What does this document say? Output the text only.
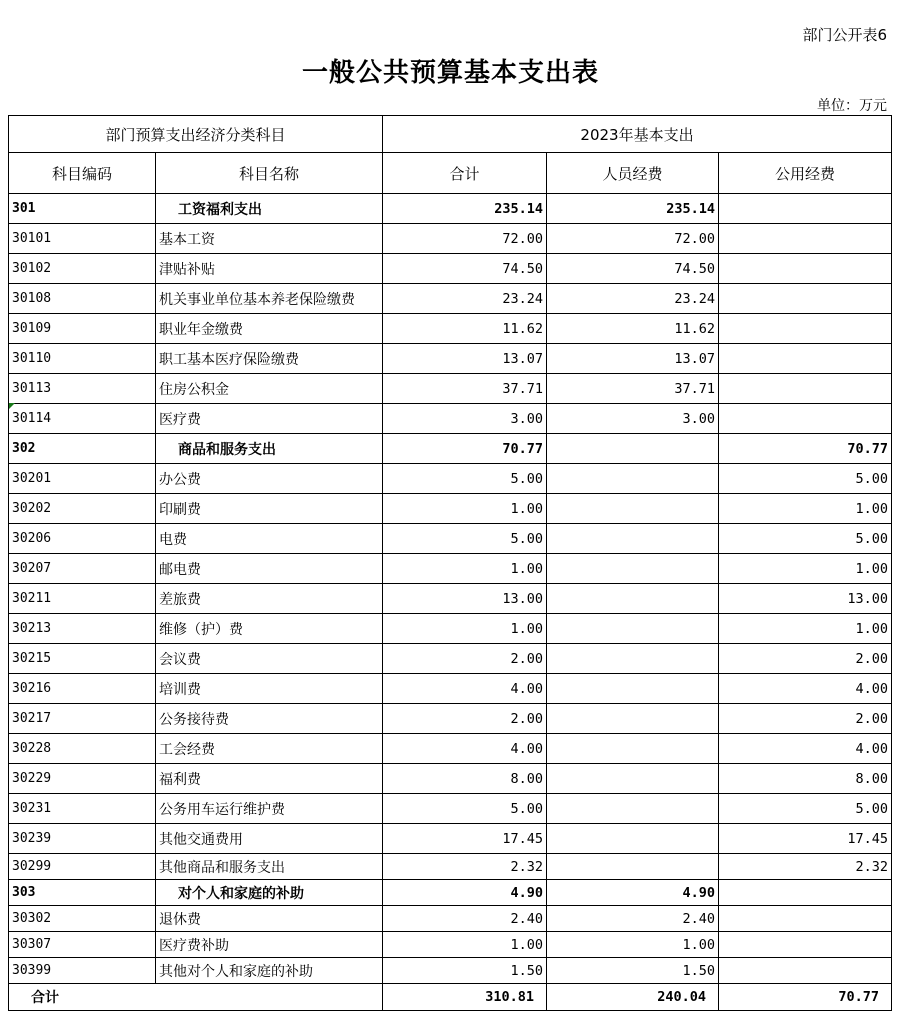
部门公开表6
一般公共预算基本支出表
单位：万元
部门预算支出经济分类科目		2023年基本支出		
科目编码	科目名称	合计	人员经费	公用经费
301	工资福利支出	235.14	235.14	
30101	基本工资	72.00	72.00	
30102	津贴补贴	74.50	74.50	
30108	机关事业单位基本养老保险缴费	23.24	23.24	
30109	职业年金缴费	11.62	11.62	
30110	职工基本医疗保险缴费	13.07	13.07	
30113	住房公积金	37.71	37.71	
30114	医疗费	3.00	3.00	
302	商品和服务支出	70.77		70.77
30201	办公费	5.00		5.00
30202	印刷费	1.00		1.00
30206	电费	5.00		5.00
30207	邮电费	1.00		1.00
30211	差旅费	13.00		13.00
30213	维修（护）费	1.00		1.00
30215	会议费	2.00		2.00
30216	培训费	4.00		4.00
30217	公务接待费	2.00		2.00
30228	工会经费	4.00		4.00
30229	福利费	8.00		8.00
30231	公务用车运行维护费	5.00		5.00
30239	其他交通费用	17.45		17.45
30299	其他商品和服务支出	2.32		2.32
303	对个人和家庭的补助	4.90	4.90	
30302	退休费	2.40	2.40	
30307	医疗费补助	1.00	1.00	
30399	其他对个人和家庭的补助	1.50	1.50	
合计		310.81	240.04	70.77
